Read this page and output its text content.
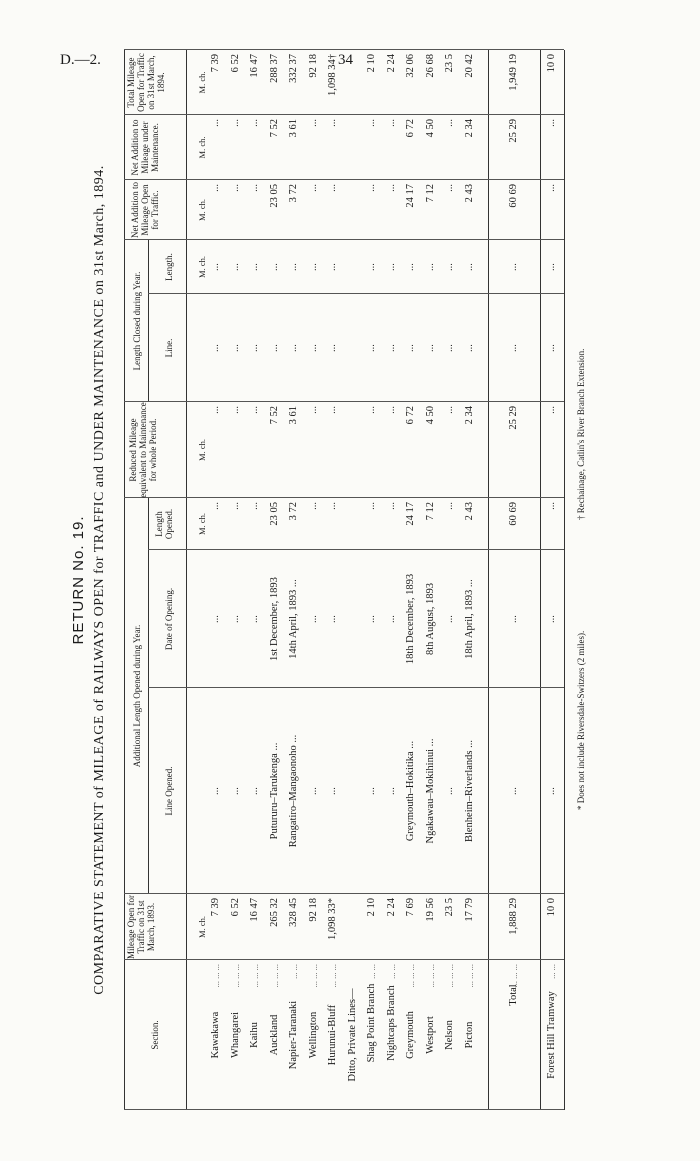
D.—2.	34
RETURN No. 19. COMPARATIVE STATEMENT of MILEAGE of RAILWAYS OPEN for TRAFFIC and UNDER MAINTENANCE on 31st March, 1894.
Section.
Mileage Open for Traffic on 31st March, 1893.
Additional Length Opened during Year.
Line Opened.
Date of Opening.
Length Opened.
Reduced Mileage equivalent to Maintenance for whole Period.
Length Closed during Year. Line.
Length.
Net Addition to Mileage Open for Traffic.
Net Addition to Mileage under Maintenance.
Total Mileage Open for Traffic on 31st March, 1894.
M. ch.
M. ch.
M. ch.
M. ch.
M. ch.
M. ch.
M. ch.
Kawakawa
... ... ...
7 39
...
...
...
...
...
...
...
...
7 39
Whangarei
... ... ...
6 52
...
...
...
...
...
...
...
...
6 52
Kaihu
... ... ...
16 47
...
...
...
...
...
...
...
...
16 47
Auckland
... ... ...
265 32
Putururu–Tarukenga ...
1st December, 1893
23 05
7 52
...
...
23 05
7 52
288 37
Napier-Taranaki
... ...
328 45
Rangatiro–Mangaonoho ...
14th April, 1893 ...
3 72
3 61
...
...
3 72
3 61
332 37
Wellington
... ... ...
92 18
...
...
...
...
...
...
...
...
92 18
Hurunui-Bluff
... ... ...
1,098 33*
...
...
...
...
...
...
...
...
1,098 34†
Ditto, Private Lines— Shag Point Branch
... ...
2 10
...
...
...
...
...
...
...
...
2 10
Nightcaps Branch
... ...
2 24
...
...
...
...
...
...
...
...
2 24
Greymouth
... ... ...
7 69
Greymouth–Hokitika ...
18th December, 1893
24 17
6 72
...
...
24 17
6 72
32 06
Westport
... ... ...
19 56
Ngakawau–Mokihinui ...
8th August, 1893
7 12
4 50
...
...
7 12
4 50
26 68
Nelson
... ... ...
23 5
...
...
...
...
...
...
...
...
23 5
Picton
... ... ...
17 79
Blenheim–Riverlands ...
18th April, 1893 ...
2 43
2 34
...
...
2 43
2 34
20 42
Total
... ... ...
1,888 29
...
...
60 69
25 29
...
...
60 69
25 29
1,949 19
Forest Hill Tramway
... ...
10 0
...
...
...
...
...
...
...
...
10 0
* Does not include Riversdale-Switzers (2 miles).
† Rechainage, Catlin's River Branch Extension.
